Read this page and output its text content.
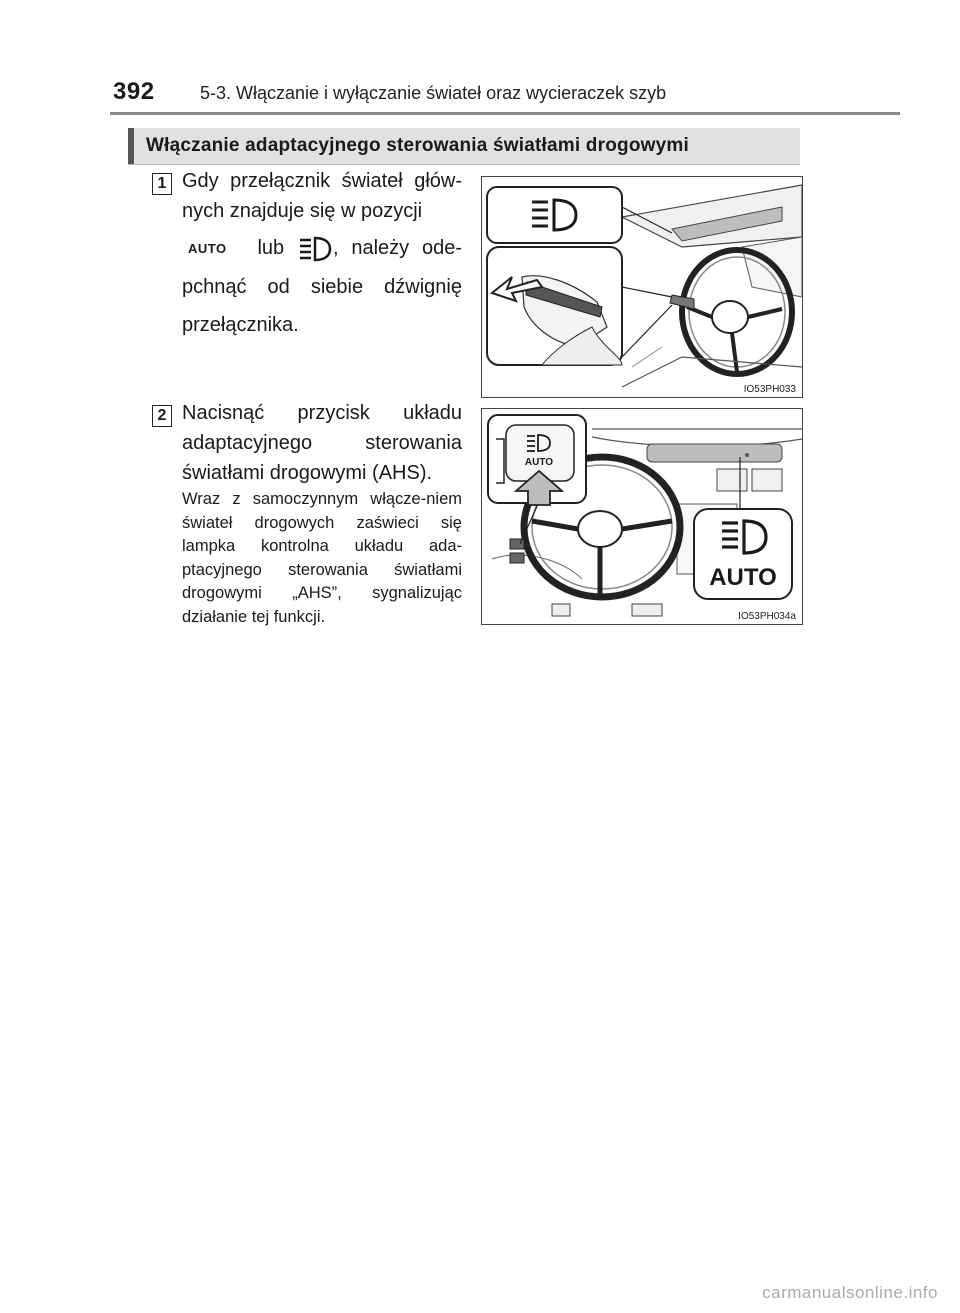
392	5-3. Włączanie i wyłączanie świateł oraz wycieraczek szyb
Włączanie adaptacyjnego sterowania światłami drogowymi
1 Gdy przełącznik świateł głów-nych znajduje się w pozycji
AUTO lub , należy ode-pchnąć od siebie dźwignię przełącznika.
IO53PH033
2 Nacisnąć przycisk układu adaptacyjnego sterowania światłami drogowymi (AHS).
Wraz z samoczynnym włącze-niem świateł drogowych zaświeci się lampka kontrolna układu ada-ptacyjnego sterowania światłami drogowymi „AHS”, sygnalizując działanie tej funkcji.
AUTO
AUTO
IO53PH034a
carmanualsonline.info
